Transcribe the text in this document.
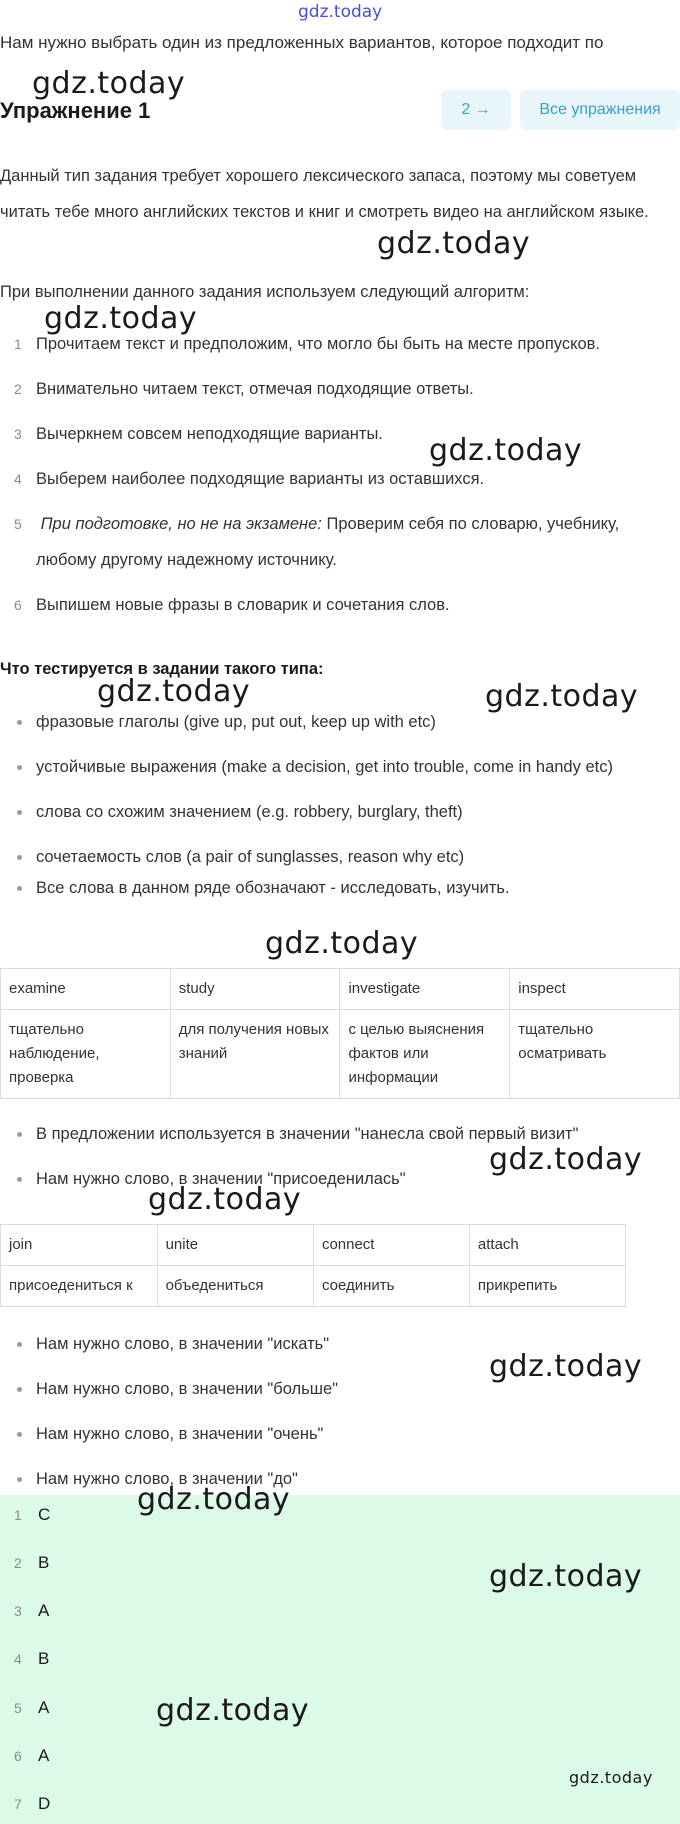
gdz.today
Нам нужно выбрать один из предложенных вариантов, которое подходит по
Упражнение 1	2 →	Все упражнения
Данный тип задания требует хорошего лексического запаса, поэтому мы советуем читать тебе много английских текстов и книг и смотреть видео на английском языке.
При выполнении данного задания используем следующий алгоритм:
1 Прочитаем текст и предположим, что могло бы быть на месте пропусков.
2 Внимательно читаем текст, отмечая подходящие ответы.
3 Вычеркнем совсем неподходящие варианты.
4 Выберем наиболее подходящие варианты из оставшихся.
5 При подготовке, но не на экзамене: Проверим себя по словарю, учебнику, любому другому надежному источнику.
6 Выпишем новые фразы в словарик и сочетания слов.
Что тестируется в задании такого типа:
фразовые глаголы (give up, put out, keep up with etc)
устойчивые выражения (make a decision, get into trouble, come in handy etc)
слова со схожим значением (e.g. robbery, burglary, theft)
сочетаемость слов (a pair of sunglasses, reason why etc)
Все слова в данном ряде обозначают - исследовать, изучить.
examine	study	investigate	inspect
тщательно наблюдение, проверка	для получения новых знаний	с целью выяснения фактов или информации	тщательно осматривать
В предложении используется в значении "нанесла свой первый визит"
Нам нужно слово, в значении "присоеденилась"
join	unite	connect	attach
присоедениться к	объедениться	соединить	прикрепить
Нам нужно слово, в значении "искать"
Нам нужно слово, в значении "больше"
Нам нужно слово, в значении "очень"
Нам нужно слово, в значении "до"
1 C
2 B
3 A
4 B
5 A
6 A
7 D
gdz.today
gdz.today
gdz.today
gdz.today
gdz.today	gdz.today
gdz.today
gdz.today
gdz.today
gdz.today
gdz.today
gdz.today
gdz.today
gdz.today
